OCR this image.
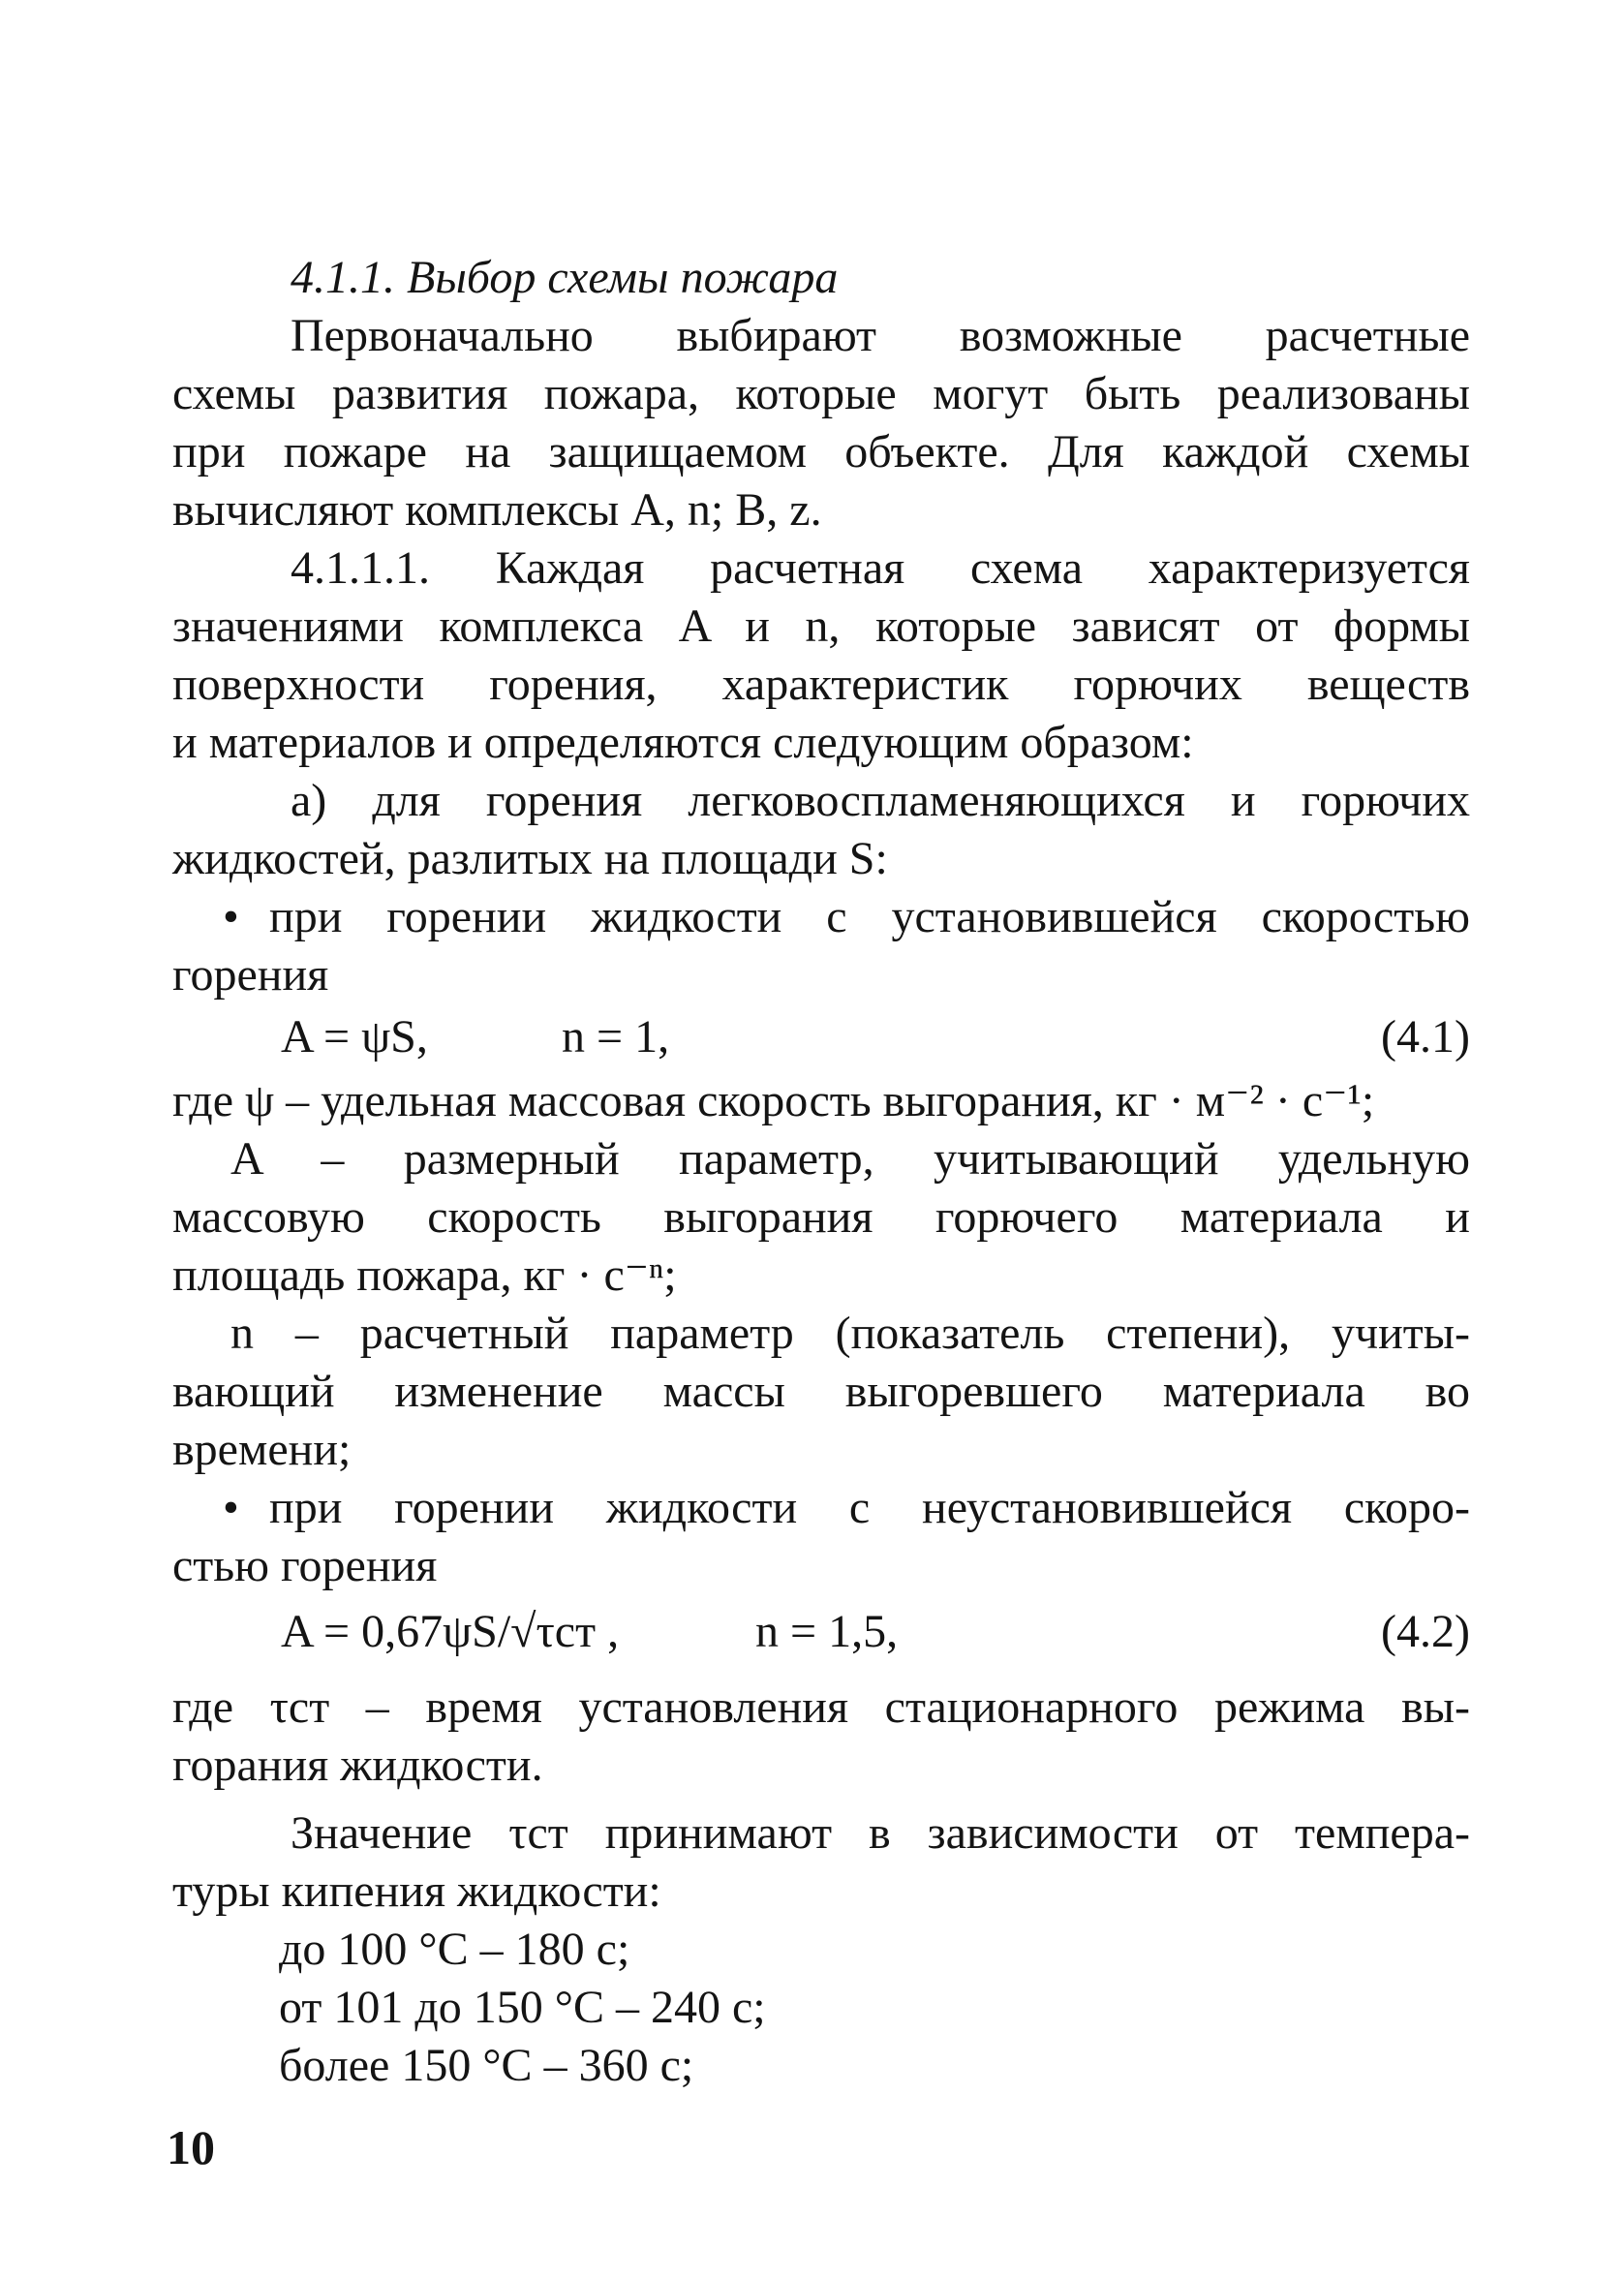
4.1.1. Выбор схемы пожара
Первоначально выбирают возможные расчетные
схемы развития пожара, которые могут быть реализованы
при пожаре на защищаемом объекте. Для каждой схемы
вычисляют комплексы A, n; B, z.
4.1.1.1. Каждая расчетная схема характеризуется
значениями комплекса A и n, которые зависят от формы
поверхности горения, характеристик горючих веществ
и материалов и определяются следующим образом:
а) для горения легковоспламеняющихся и горючих
жидкостей, разлитых на площади S:
• при горении жидкости с установившейся скоростью
горения
A = ψS,	n = 1,	(4.1)
где ψ – удельная массовая скорость выгорания, кг · м⁻² · с⁻¹;
A – размерный параметр, учитывающий удельную
массовую скорость выгорания горючего материала и
площадь пожара, кг · с⁻ⁿ;
n – расчетный параметр (показатель степени), учиты-
вающий изменение массы выгоревшего материала во
времени;
• при горении жидкости с неустановившейся скоро-
стью горения
A = 0,67ψS/√τст ,	n = 1,5,	(4.2)
где τст – время установления стационарного режима вы-
горания жидкости.
Значение τст принимают в зависимости от темпера-
туры кипения жидкости:
до 100 °С – 180 с;
от 101 до 150 °С – 240 с;
более 150 °С – 360 с;
10
